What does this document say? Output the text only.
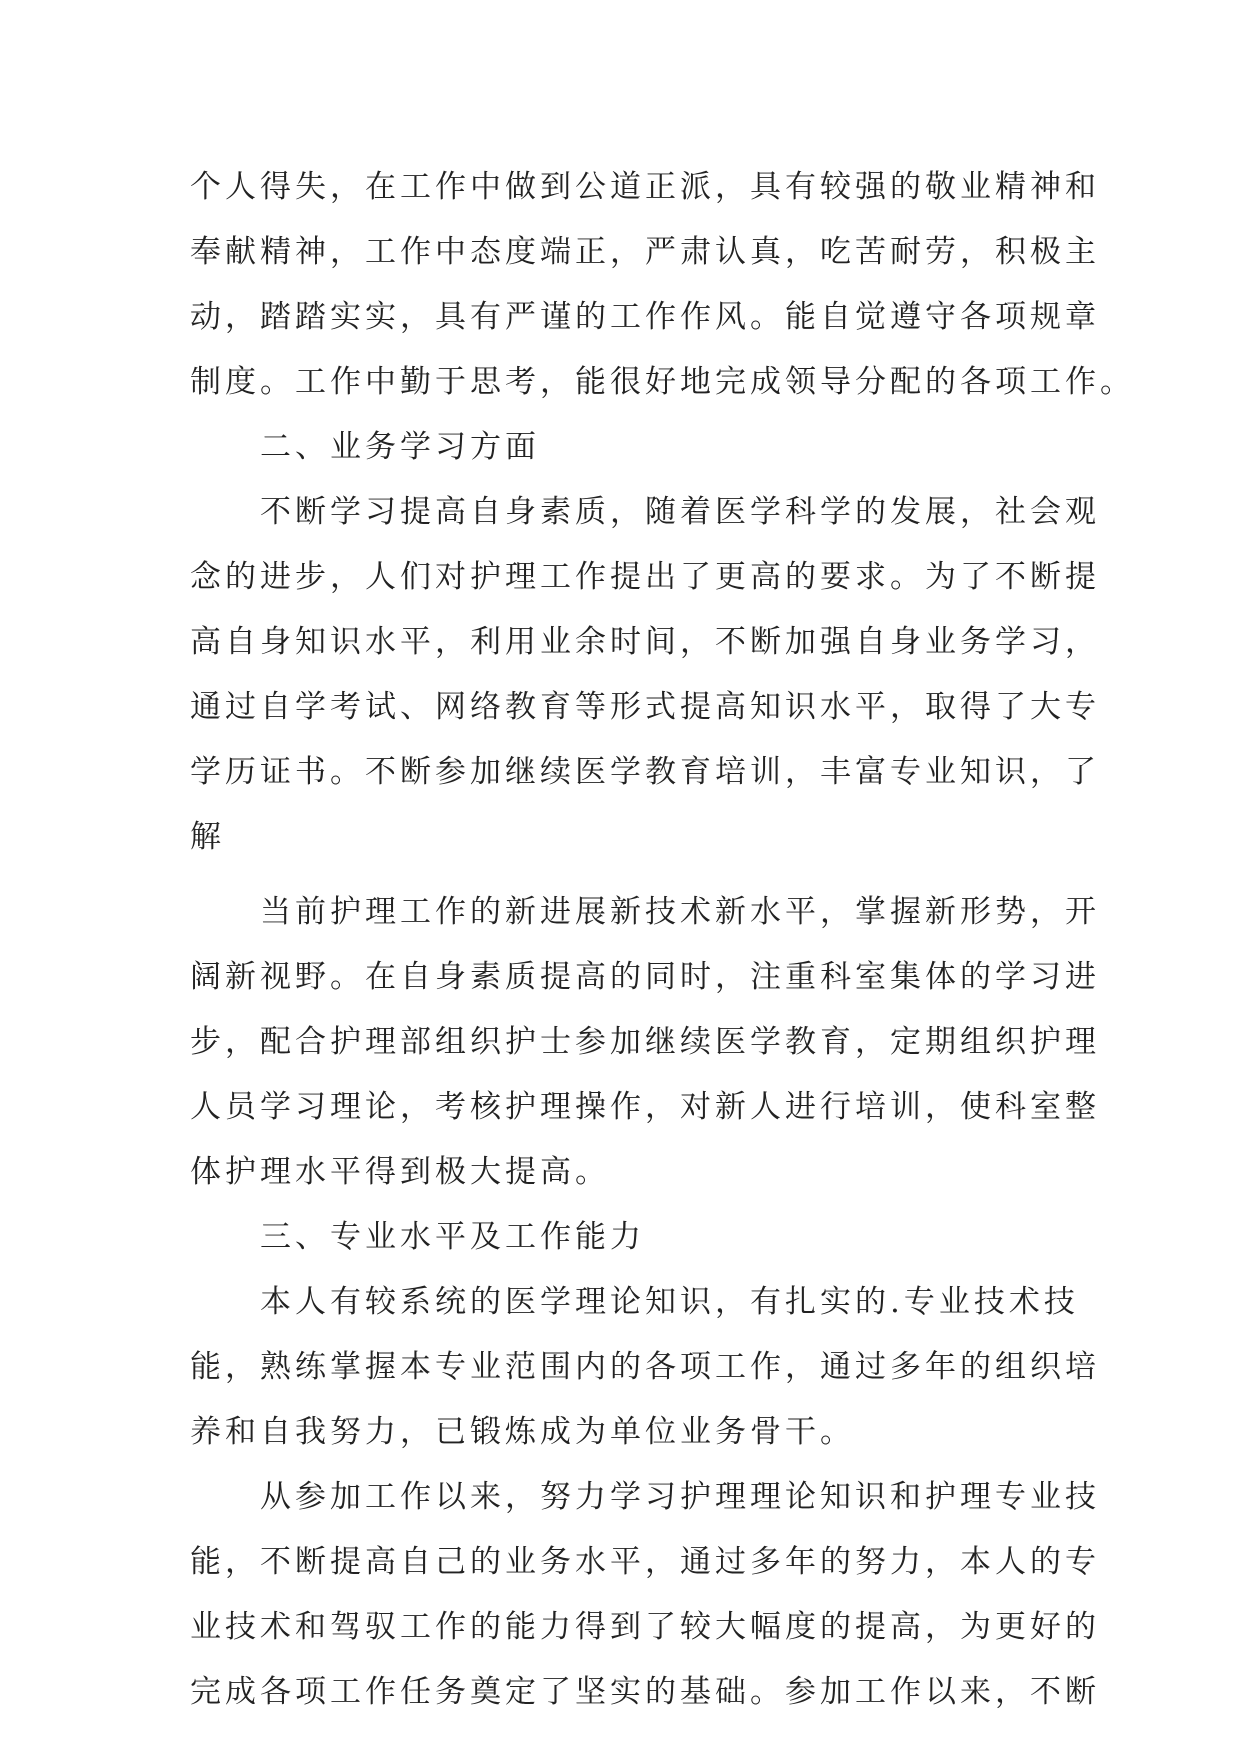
个人得失，在工作中做到公道正派，具有较强的敬业精神和
奉献精神，工作中态度端正，严肃认真，吃苦耐劳，积极主
动，踏踏实实，具有严谨的工作作风。能自觉遵守各项规章
制度。工作中勤于思考，能很好地完成领导分配的各项工作。
　　二、业务学习方面
　　不断学习提高自身素质，随着医学科学的发展，社会观
念的进步，人们对护理工作提出了更高的要求。为了不断提
高自身知识水平，利用业余时间，不断加强自身业务学习，
通过自学考试、网络教育等形式提高知识水平，取得了大专
学历证书。不断参加继续医学教育培训，丰富专业知识，了
解
　　当前护理工作的新进展新技术新水平，掌握新形势，开
阔新视野。在自身素质提高的同时，注重科室集体的学习进
步，配合护理部组织护士参加继续医学教育，定期组织护理
人员学习理论，考核护理操作，对新人进行培训，使科室整
体护理水平得到极大提高。
　　三、专业水平及工作能力
　　本人有较系统的医学理论知识，有扎实的.专业技术技
能，熟练掌握本专业范围内的各项工作，通过多年的组织培
养和自我努力，已锻炼成为单位业务骨干。
　　从参加工作以来，努力学习护理理论知识和护理专业技
能，不断提高自己的业务水平，通过多年的努力，本人的专
业技术和驾驭工作的能力得到了较大幅度的提高，为更好的
完成各项工作任务奠定了坚实的基础。参加工作以来，不断
